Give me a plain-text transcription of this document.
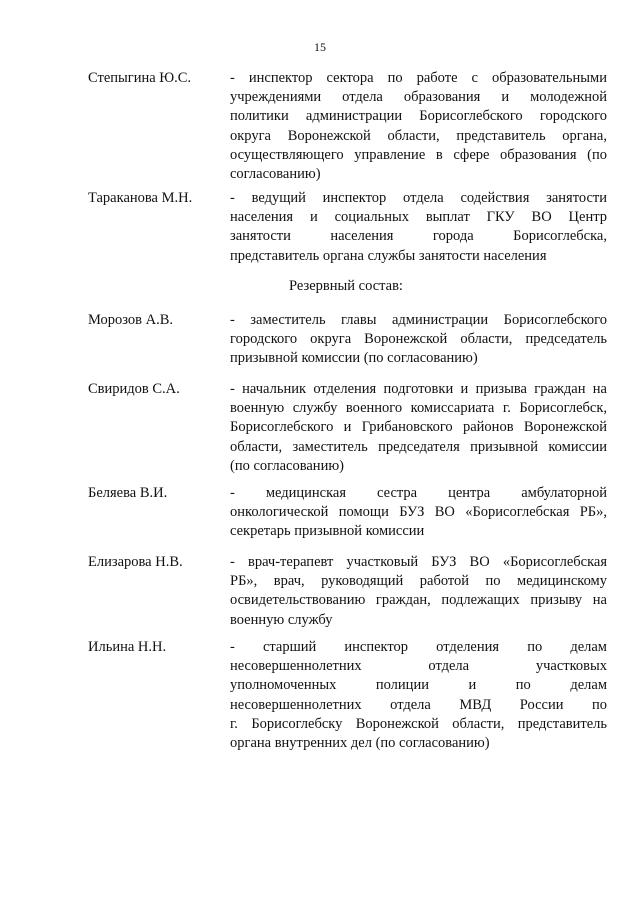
15
Степыгина Ю.С.	- инспектор сектора по работе с образовательными
учреждениями отдела образования и молодежной
политики администрации Борисоглебского городского
округа Воронежской области, представитель органа,
осуществляющего управление в сфере образования (по
согласованию)
Тараканова М.Н.	- ведущий инспектор отдела содействия занятости
населения и социальных выплат ГКУ ВО Центр
занятости населения города Борисоглебска,
представитель органа службы занятости населения
Резервный состав:
Морозов А.В.	- заместитель главы администрации Борисоглебского
городского округа Воронежской области, председатель
призывной комиссии (по согласованию)
Свиридов С.А.	- начальник отделения подготовки и призыва граждан на
военную службу военного комиссариата г. Борисоглебск,
Борисоглебского и Грибановского районов Воронежской
области, заместитель председателя призывной комиссии
(по согласованию)
Беляева В.И.	- медицинская сестра центра амбулаторной
онкологической помощи БУЗ ВО «Борисоглебская РБ»,
секретарь призывной комиссии
Елизарова Н.В.	- врач-терапевт участковый БУЗ ВО «Борисоглебская
РБ», врач, руководящий работой по медицинскому
освидетельствованию граждан, подлежащих призыву на
военную службу
Ильина Н.Н.	- старший инспектор отделения по делам
несовершеннолетних отдела участковых
уполномоченных полиции и по делам
несовершеннолетних отдела МВД России по
г. Борисоглебску Воронежской области, представитель
органа внутренних дел (по согласованию)
